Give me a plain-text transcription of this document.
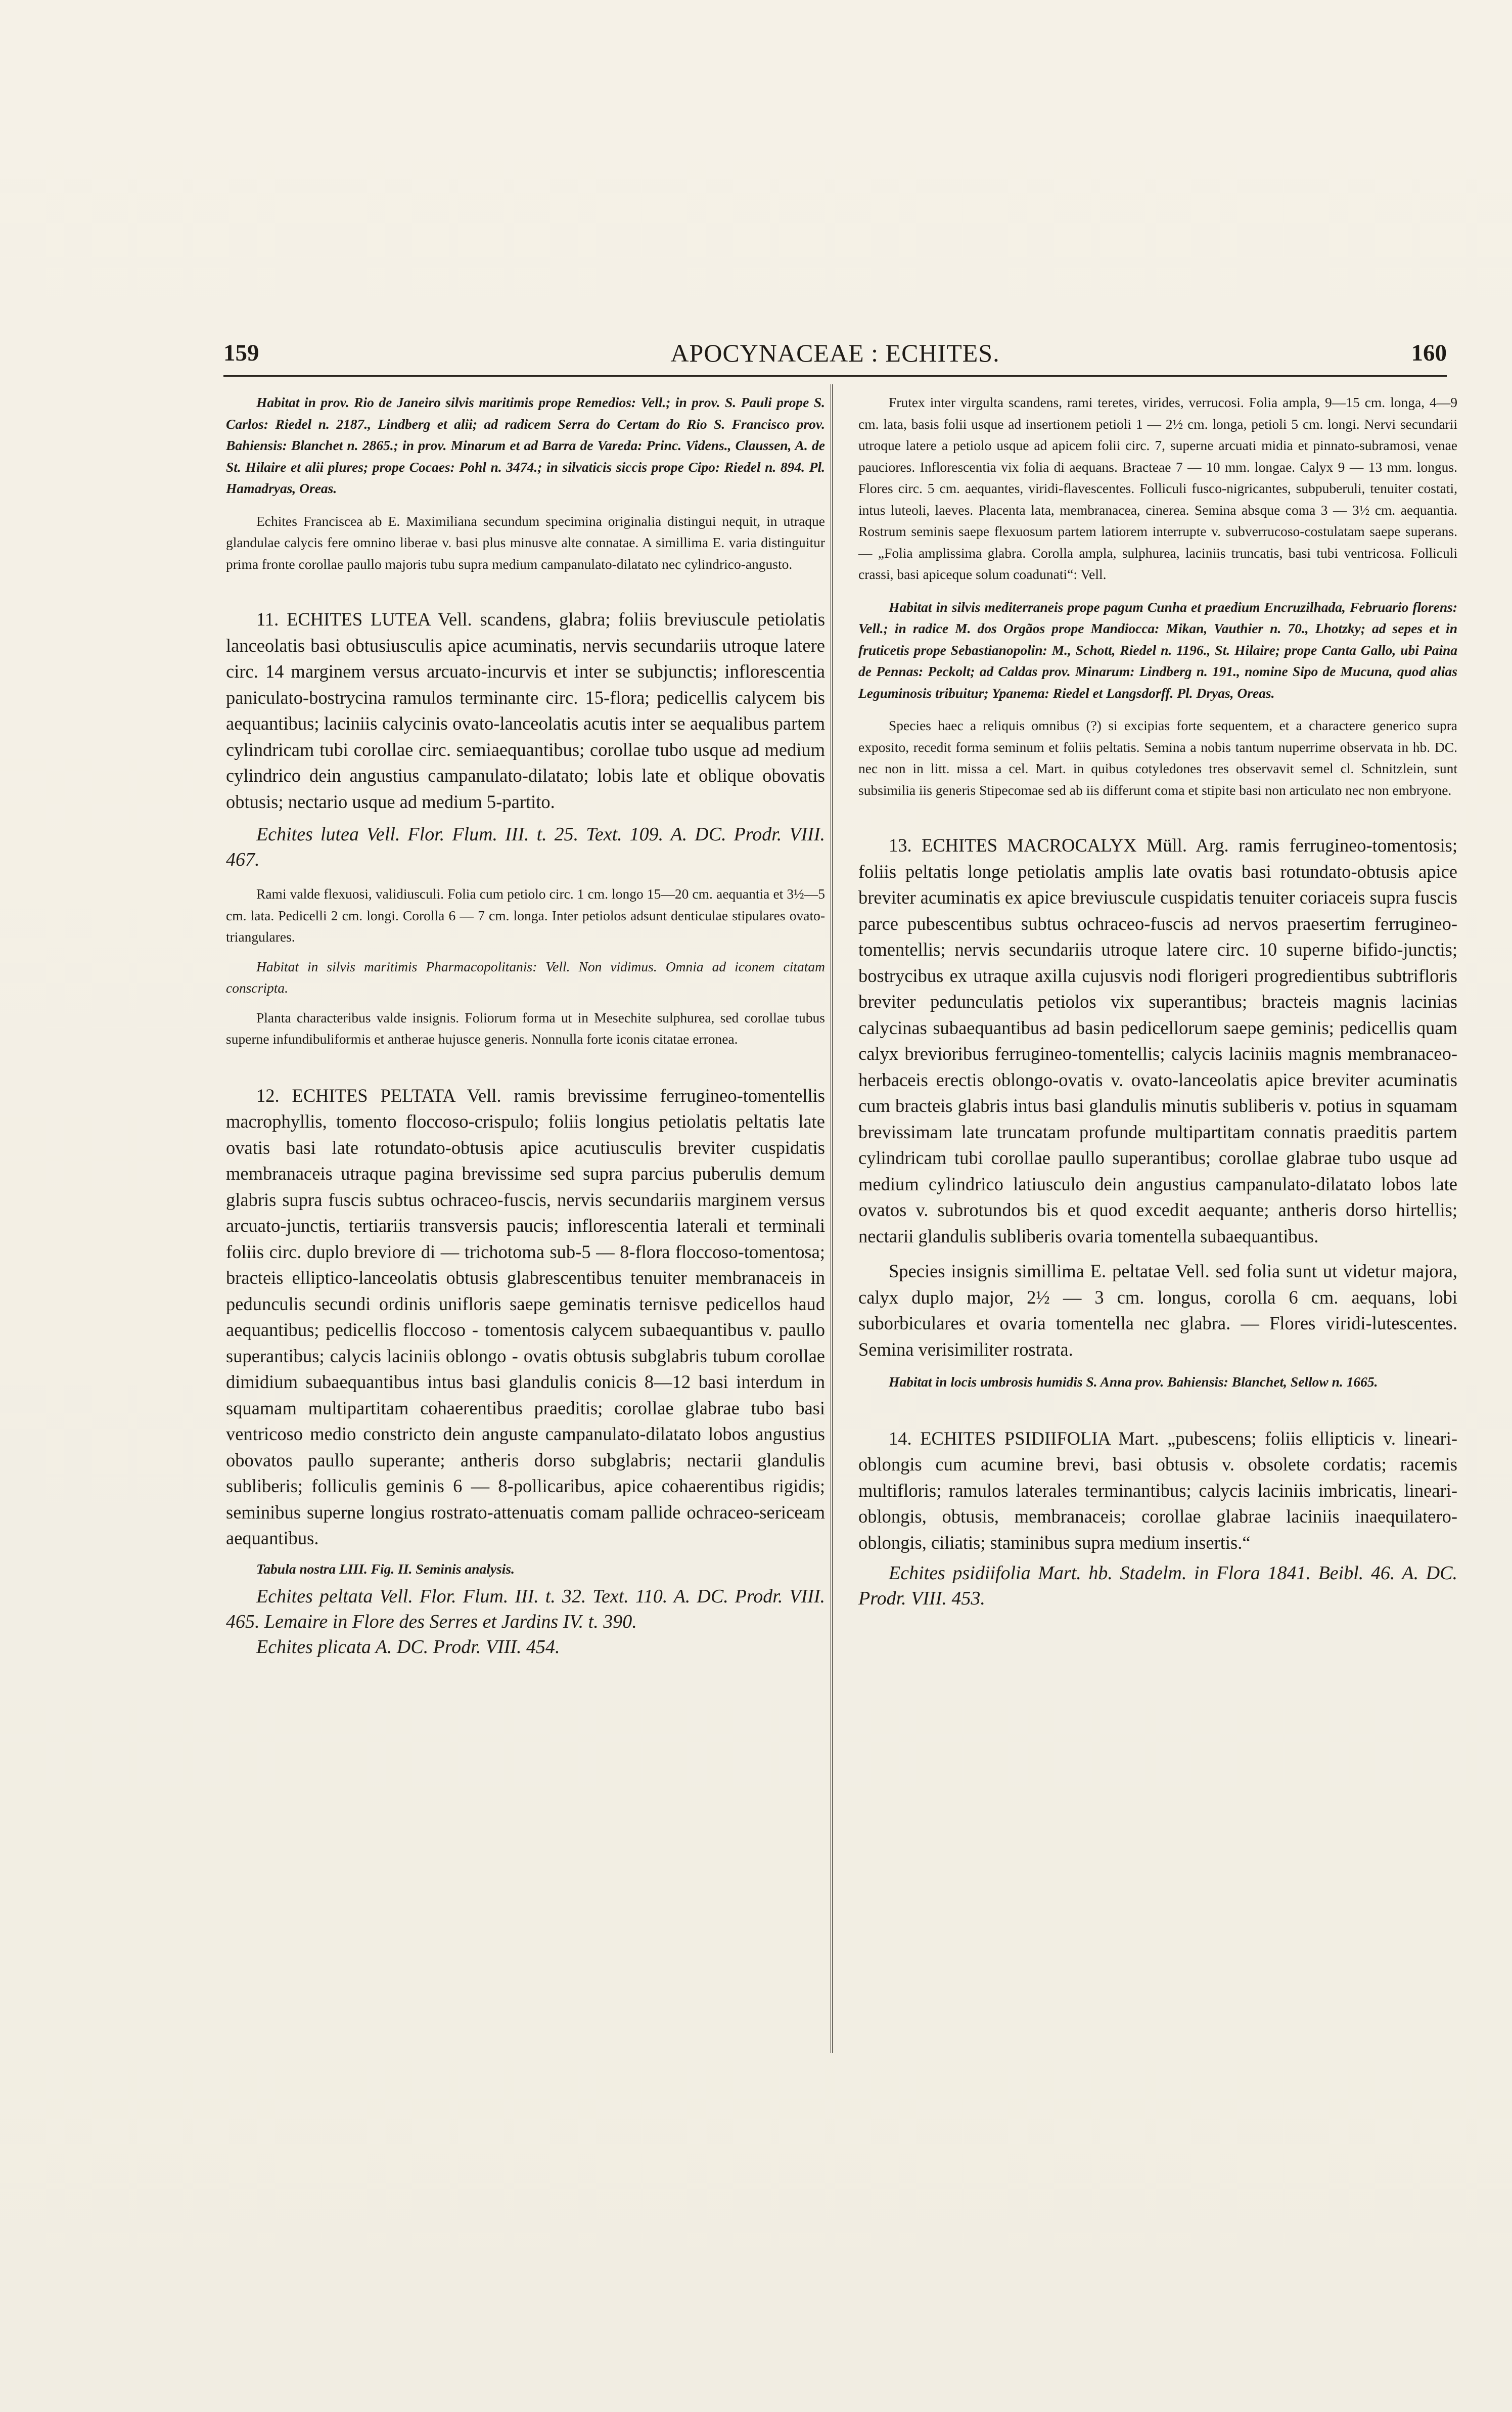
159	APOCYNACEAE : ECHITES.	160

Habitat in prov. Rio de Janeiro silvis maritimis prope Remedios: Vell.; in prov. S. Pauli prope S. Carlos: Riedel n. 2187., Lindberg et alii; ad radicem Serra do Certam do Rio S. Francisco prov. Bahiensis: Blanchet n. 2865.; in prov. Minarum et ad Barra de Vareda: Princ. Videns., Claussen, A. de St. Hilaire et alii plures; prope Cocaes: Pohl n. 3474.; in silvaticis siccis prope Cipo: Riedel n. 894. Pl. Hamadryas, Oreas.

Echites Franciscea ab E. Maximiliana secundum specimina originalia distingui nequit, in utraque glandulae calycis fere omnino liberae v. basi plus minusve alte connatae. A simillima E. varia distinguitur prima fronte corollae paullo majoris tubu supra medium campanulato-dilatato nec cylindrico-angusto.

11. ECHITES LUTEA Vell. scandens, glabra; foliis breviuscule petiolatis lanceolatis basi obtusiusculis apice acuminatis, nervis secundariis utroque latere circ. 14 marginem versus arcuato-incurvis et inter se subjunctis; inflorescentia paniculato-bostrycina ramulos terminante circ. 15-flora; pedicellis calycem bis aequantibus; laciniis calycinis ovato-lanceolatis acutis inter se aequalibus partem cylindricam tubi corollae circ. semiaequantibus; corollae tubo usque ad medium cylindrico dein angustius campanulato-dilatato; lobis late et oblique obovatis obtusis; nectario usque ad medium 5-partito.

Echites lutea Vell. Flor. Flum. III. t. 25. Text. 109. A. DC. Prodr. VIII. 467.

Rami valde flexuosi, validiusculi. Folia cum petiolo circ. 1 cm. longo 15—20 cm. aequantia et 3½—5 cm. lata. Pedicelli 2 cm. longi. Corolla 6 — 7 cm. longa. Inter petiolos adsunt denticulae stipulares ovato-triangulares.

Habitat in silvis maritimis Pharmacopolitanis: Vell. Non vidimus. Omnia ad iconem citatam conscripta.

Planta characteribus valde insignis. Foliorum forma ut in Mesechite sulphurea, sed corollae tubus superne infundibuliformis et antherae hujusce generis. Nonnulla forte iconis citatae erronea.

12. ECHITES PELTATA Vell. ramis brevissime ferrugineo-tomentellis macrophyllis, tomento floccoso-crispulo; foliis longius petiolatis peltatis late ovatis basi late rotundato-obtusis apice acutiusculis breviter cuspidatis membranaceis utraque pagina brevissime sed supra parcius puberulis demum glabris supra fuscis subtus ochraceo-fuscis, nervis secundariis marginem versus arcuato-junctis, tertiariis transversis paucis; inflorescentia laterali et terminali foliis circ. duplo breviore di — trichotoma sub-5 — 8-flora floccoso-tomentosa; bracteis elliptico-lanceolatis obtusis glabrescentibus tenuiter membranaceis in pedunculis secundi ordinis unifloris saepe geminatis ternisve pedicellos haud aequantibus; pedicellis floccoso - tomentosis calycem subaequantibus v. paullo superantibus; calycis laciniis oblongo - ovatis obtusis subglabris tubum corollae dimidium subaequantibus intus basi glandulis conicis 8—12 basi interdum in squamam multipartitam cohaerentibus praeditis; corollae glabrae tubo basi ventricoso medio constricto dein anguste campanulato-dilatato lobos angustius obovatos paullo superante; antheris dorso subglabris; nectarii glandulis subliberis; folliculis geminis 6 — 8-pollicaribus, apice cohaerentibus rigidis; seminibus superne longius rostrato-attenuatis comam pallide ochraceo-sericeam aequantibus.

Tabula nostra LIII. Fig. II. Seminis analysis.

Echites peltata Vell. Flor. Flum. III. t. 32. Text. 110. A. DC. Prodr. VIII. 465. Lemaire in Flore des Serres et Jardins IV. t. 390.

Echites plicata A. DC. Prodr. VIII. 454.

Frutex inter virgulta scandens, rami teretes, virides, verrucosi. Folia ampla, 9—15 cm. longa, 4—9 cm. lata, basis folii usque ad insertionem petioli 1 — 2½ cm. longa, petioli 5 cm. longi. Nervi secundarii utroque latere a petiolo usque ad apicem folii circ. 7, superne arcuati midia et pinnato-subramosi, venae pauciores. Inflorescentia vix folia di aequans. Bracteae 7 — 10 mm. longae. Calyx 9 — 13 mm. longus. Flores circ. 5 cm. aequantes, viridi-flavescentes. Folliculi fusco-nigricantes, subpuberuli, tenuiter costati, intus luteoli, laeves. Placenta lata, membranacea, cinerea. Semina absque coma 3 — 3½ cm. aequantia. Rostrum seminis saepe flexuosum partem latiorem interrupte v. subverrucoso-costulatam saepe superans. — „Folia amplissima glabra. Corolla ampla, sulphurea, laciniis truncatis, basi tubi ventricosa. Folliculi crassi, basi apiceque solum coadunati“: Vell.

Habitat in silvis mediterraneis prope pagum Cunha et praedium Encruzilhada, Februario florens: Vell.; in radice M. dos Orgãos prope Mandiocca: Mikan, Vauthier n. 70., Lhotzky; ad sepes et in fruticetis prope Sebastianopolin: M., Schott, Riedel n. 1196., St. Hilaire; prope Canta Gallo, ubi Paina de Pennas: Peckolt; ad Caldas prov. Minarum: Lindberg n. 191., nomine Sipo de Mucuna, quod alias Leguminosis tribuitur; Ypanema: Riedel et Langsdorff. Pl. Dryas, Oreas.

Species haec a reliquis omnibus (?) si excipias forte sequentem, et a charactere generico supra exposito, recedit forma seminum et foliis peltatis. Semina a nobis tantum nuperrime observata in hb. DC. nec non in litt. missa a cel. Mart. in quibus cotyledones tres observavit semel cl. Schnitzlein, sunt subsimilia iis generis Stipecomae sed ab iis differunt coma et stipite basi non articulato nec non embryone.

13. ECHITES MACROCALYX Müll. Arg. ramis ferrugineo-tomentosis; foliis peltatis longe petiolatis amplis late ovatis basi rotundato-obtusis apice breviter acuminatis ex apice breviuscule cuspidatis tenuiter coriaceis supra fuscis parce pubescentibus subtus ochraceo-fuscis ad nervos praesertim ferrugineo-tomentellis; nervis secundariis utroque latere circ. 10 superne bifido-junctis; bostrycibus ex utraque axilla cujusvis nodi florigeri progredientibus subtrifloris breviter pedunculatis petiolos vix superantibus; bracteis magnis lacinias calycinas subaequantibus ad basin pedicellorum saepe geminis; pedicellis quam calyx brevioribus ferrugineo-tomentellis; calycis laciniis magnis membranaceo-herbaceis erectis oblongo-ovatis v. ovato-lanceolatis apice breviter acuminatis cum bracteis glabris intus basi glandulis minutis subliberis v. potius in squamam brevissimam late truncatam profunde multipartitam connatis praeditis partem cylindricam tubi corollae paullo superantibus; corollae glabrae tubo usque ad medium cylindrico latiusculo dein angustius campanulato-dilatato lobos late ovatos v. subrotundos bis et quod excedit aequante; antheris dorso hirtellis; nectarii glandulis subliberis ovaria tomentella subaequantibus.

Species insignis simillima E. peltatae Vell. sed folia sunt ut videtur majora, calyx duplo major, 2½ — 3 cm. longus, corolla 6 cm. aequans, lobi suborbiculares et ovaria tomentella nec glabra. — Flores viridi-lutescentes. Semina verisimiliter rostrata.

Habitat in locis umbrosis humidis S. Anna prov. Bahiensis: Blanchet, Sellow n. 1665.

14. ECHITES PSIDIIFOLIA Mart. „pubescens; foliis ellipticis v. lineari-oblongis cum acumine brevi, basi obtusis v. obsolete cordatis; racemis multifloris; ramulos laterales terminantibus; calycis laciniis imbricatis, lineari-oblongis, obtusis, membranaceis; corollae glabrae laciniis inaequilatero-oblongis, ciliatis; staminibus supra medium insertis.“

Echites psidiifolia Mart. hb. Stadelm. in Flora 1841. Beibl. 46. A. DC. Prodr. VIII. 453.
